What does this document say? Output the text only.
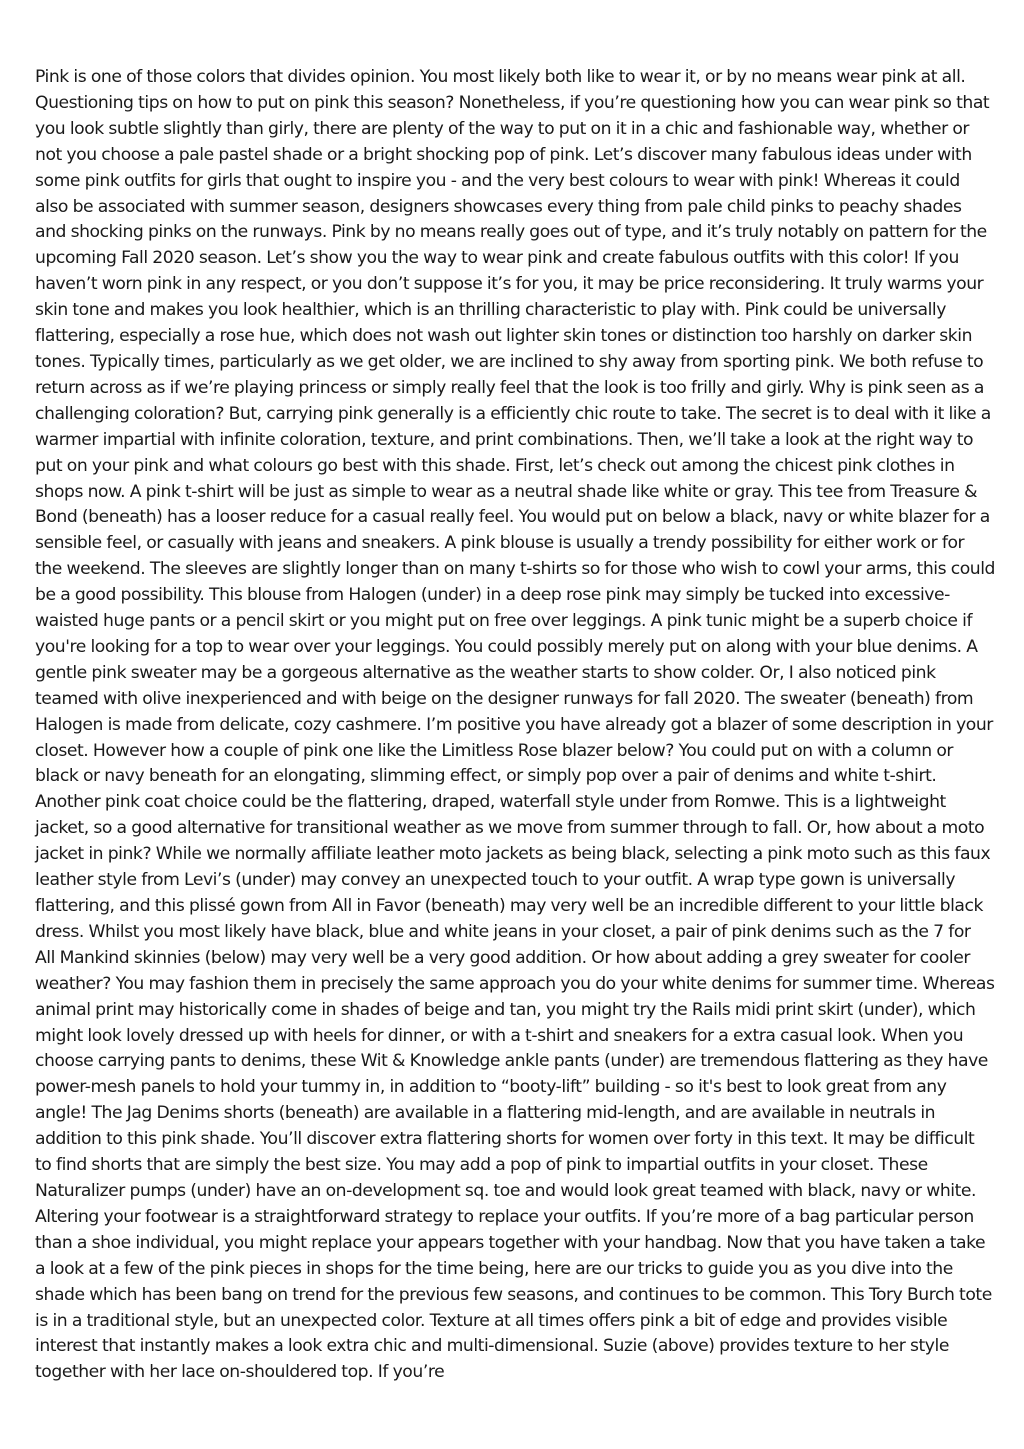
Pink is one of those colors that divides opinion. You most likely both like to wear it, or by no means wear pink at all. Questioning tips on how to put on pink this season? Nonetheless, if you’re questioning how you can wear pink so that you look subtle slightly than girly, there are plenty of the way to put on it in a chic and fashionable way, whether or not you choose a pale pastel shade or a bright shocking pop of pink. Let’s discover many fabulous ideas under with some pink outfits for girls that ought to inspire you - and the very best colours to wear with pink! Whereas it could also be associated with summer season, designers showcases every thing from pale child pinks to peachy shades and shocking pinks on the runways. Pink by no means really goes out of type, and it’s truly notably on pattern for the upcoming Fall 2020 season. Let’s show you the way to wear pink and create fabulous outfits with this color! If you haven’t worn pink in any respect, or you don’t suppose it’s for you, it may be price reconsidering. It truly warms your skin tone and makes you look healthier, which is an thrilling characteristic to play with. Pink could be universally flattering, especially a rose hue, which does not wash out lighter skin tones or distinction too harshly on darker skin tones. Typically times, particularly as we get older, we are inclined to shy away from sporting pink. We both refuse to return across as if we’re playing princess or simply really feel that the look is too frilly and girly. Why is pink seen as a challenging coloration? But, carrying pink generally is a efficiently chic route to take. The secret is to deal with it like a warmer impartial with infinite coloration, texture, and print combinations. Then, we’ll take a look at the right way to put on your pink and what colours go best with this shade. First, let’s check out among the chicest pink clothes in shops now. A pink t-shirt will be just as simple to wear as a neutral shade like white or gray. This tee from Treasure & Bond (beneath) has a looser reduce for a casual really feel. You would put on below a black, navy or white blazer for a sensible feel, or casually with jeans and sneakers. A pink blouse is usually a trendy possibility for either work or for the weekend. The sleeves are slightly longer than on many t-shirts so for those who wish to cowl your arms, this could be a good possibility. This blouse from Halogen (under) in a deep rose pink may simply be tucked into excessive-waisted huge pants or a pencil skirt or you might put on free over leggings. A pink tunic might be a superb choice if you're looking for a top to wear over your leggings. You could possibly merely put on along with your blue denims. A gentle pink sweater may be a gorgeous alternative as the weather starts to show colder. Or, I also noticed pink teamed with olive inexperienced and with beige on the designer runways for fall 2020. The sweater (beneath) from Halogen is made from delicate, cozy cashmere. I’m positive you have already got a blazer of some description in your closet. However how a couple of pink one like the Limitless Rose blazer below? You could put on with a column or black or navy beneath for an elongating, slimming effect, or simply pop over a pair of denims and white t-shirt. Another pink coat choice could be the flattering, draped, waterfall style under from Romwe. This is a lightweight jacket, so a good alternative for transitional weather as we move from summer through to fall. Or, how about a moto jacket in pink? While we normally affiliate leather moto jackets as being black, selecting a pink moto such as this faux leather style from Levi’s (under) may convey an unexpected touch to your outfit. A wrap type gown is universally flattering, and this plissé gown from All in Favor (beneath) may very well be an incredible different to your little black dress. Whilst you most likely have black, blue and white jeans in your closet, a pair of pink denims such as the 7 for All Mankind skinnies (below) may very well be a very good addition. Or how about adding a grey sweater for cooler weather? You may fashion them in precisely the same approach you do your white denims for summer time. Whereas animal print may historically come in shades of beige and tan, you might try the Rails midi print skirt (under), which might look lovely dressed up with heels for dinner, or with a t-shirt and sneakers for a extra casual look. When you choose carrying pants to denims, these Wit & Knowledge ankle pants (under) are tremendous flattering as they have power-mesh panels to hold your tummy in, in addition to “booty-lift” building - so it's best to look great from any angle! The Jag Denims shorts (beneath) are available in a flattering mid-length, and are available in neutrals in addition to this pink shade. You’ll discover extra flattering shorts for women over forty in this text. It may be difficult to find shorts that are simply the best size. You may add a pop of pink to impartial outfits in your closet. These Naturalizer pumps (under) have an on-development sq. toe and would look great teamed with black, navy or white. Altering your footwear is a straightforward strategy to replace your outfits. If you’re more of a bag particular person than a shoe individual, you might replace your appears together with your handbag. Now that you have taken a take a look at a few of the pink pieces in shops for the time being, here are our tricks to guide you as you dive into the shade which has been bang on trend for the previous few seasons, and continues to be common. This Tory Burch tote is in a traditional style, but an unexpected color. Texture at all times offers pink a bit of edge and provides visible interest that instantly makes a look extra chic and multi-dimensional. Suzie (above) provides texture to her style together with her lace on-shouldered top. If you’re
